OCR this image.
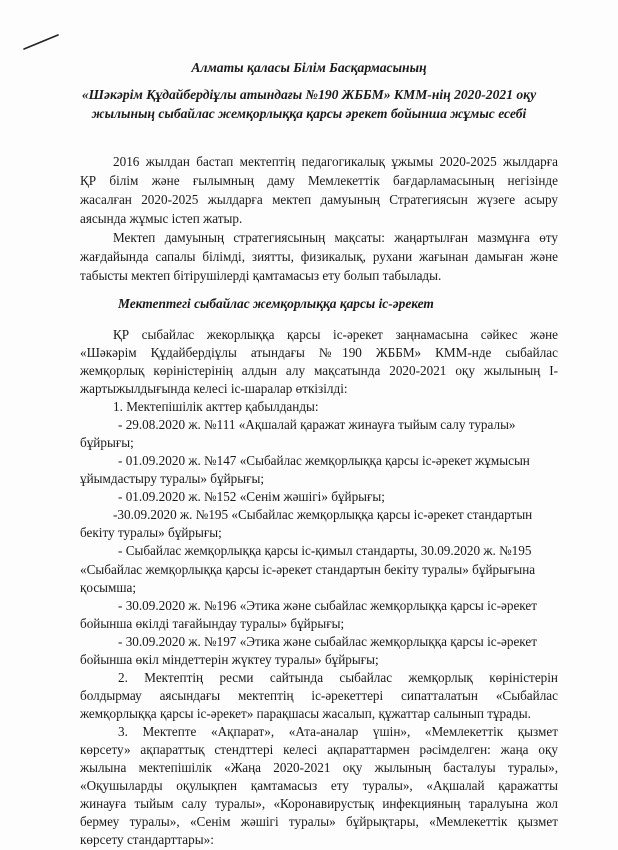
Алматы қаласы Білім Басқармасының
«Шәкәрім Құдайбердіұлы атындағы №190 ЖББМ» КММ-нің 2020-2021 оқу
жылының сыбайлас жемқорлыққа қарсы әрекет бойынша жұмыс есебі
2016 жылдан бастап мектептің педагогикалық ұжымы 2020-2025 жылдарға
ҚР білім және ғылымның даму Мемлекеттік бағдарламасының негізінде
жасалған 2020-2025 жылдарға мектеп дамуының Стратегиясын жүзеге асыру
аясында жұмыс істеп жатыр.
Мектеп дамуының стратегиясының мақсаты: жаңартылған мазмұнға өту
жағдайында сапалы білімді, зиятты, физикалық, рухани жағынан дамыған және
табысты мектеп бітірушілерді қамтамасыз ету болып табылады.
Мектептегі сыбайлас жемқорлыққа қарсы іс-әрекет
ҚР сыбайлас жекорлыққа қарсы іс-әрекет заңнамасына сәйкес және
«Шәкәрім Құдайбердіұлы атындағы №190 ЖББМ» КММ-нде сыбайлас
жемқорлық көріністерінің алдын алу мақсатында 2020-2021 оқу жылының І-
жартыжылдығында келесі іс-шаралар өткізілді:
1. Мектепішілік акттер қабылданды:
- 29.08.2020 ж. №111 «Ақшалай қаражат жинауға тыйым салу туралы»
бұйрығы;
- 01.09.2020 ж. №147 «Сыбайлас жемқорлыққа қарсы іс-әрекет жұмысын
ұйымдастыру туралы» бұйрығы;
- 01.09.2020 ж. №152 «Сенім жәшігі» бұйрығы;
-30.09.2020 ж. №195 «Сыбайлас жемқорлыққа қарсы іс-әрекет стандартын
бекіту туралы» бұйрығы;
- Сыбайлас жемқорлыққа қарсы іс-қимыл стандарты, 30.09.2020 ж. №195
«Сыбайлас жемқорлыққа қарсы іс-әрекет стандартын бекіту туралы» бұйрығына
қосымша;
- 30.09.2020 ж. №196 «Этика және сыбайлас жемқорлыққа қарсы іс-әрекет
бойынша өкілді тағайындау туралы» бұйрығы;
- 30.09.2020 ж. №197 «Этика және сыбайлас жемқорлыққа қарсы іс-әрекет
бойынша өкіл міндеттерін жүктеу туралы» бұйрығы;
2. Мектептің ресми сайтында сыбайлас жемқорлық көріністерін
болдырмау аясындағы мектептің іс-әрекеттері сипатталатын «Сыбайлас
жемқорлыққа қарсы іс-әрекет» парақшасы жасалып, құжаттар салынып тұрады.
3. Мектепте «Ақпарат», «Ата-аналар үшін», «Мемлекеттік қызмет
көрсету» ақпараттық стендттері келесі ақпараттармен рәсімделген: жаңа оқу
жылына мектепішілік «Жаңа 2020-2021 оқу жылының басталуы туралы»,
«Оқушыларды оқулықпен қамтамасыз ету туралы», «Ақшалай қаражатты
жинауға тыйым салу туралы», «Коронавирустық инфекцияның таралуына жол
бермеу туралы», «Сенім жәшігі туралы» бұйрықтары, «Мемлекеттік қызмет
көрсету стандарттары»:
